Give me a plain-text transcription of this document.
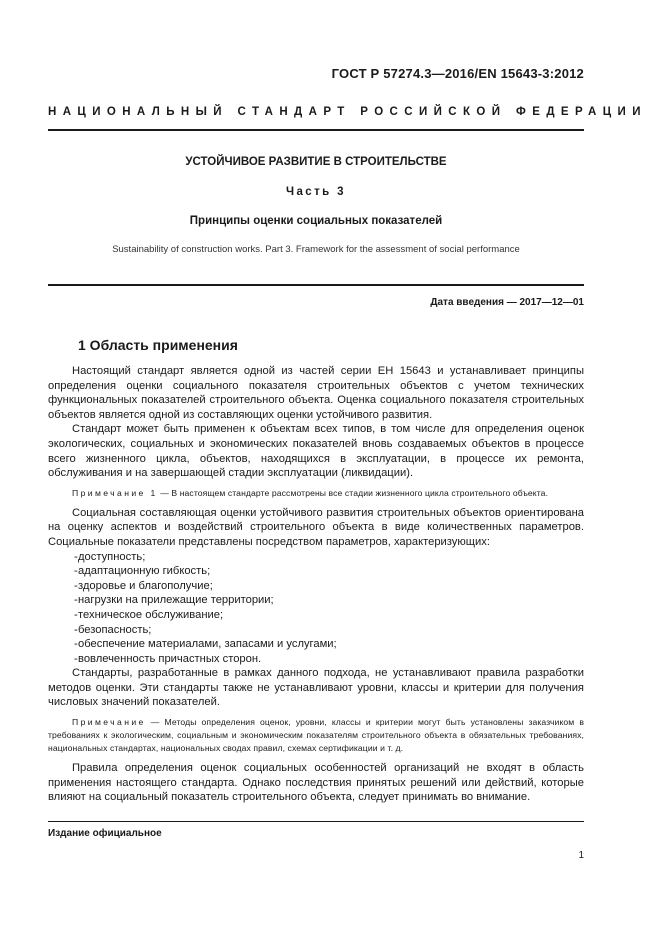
ГОСТ Р 57274.3—2016/EN 15643-3:2012
НАЦИОНАЛЬНЫЙ СТАНДАРТ РОССИЙСКОЙ ФЕДЕРАЦИИ
УСТОЙЧИВОЕ РАЗВИТИЕ В СТРОИТЕЛЬСТВЕ
Часть 3
Принципы оценки социальных показателей
Sustainability of construction works. Part 3. Framework for the assessment of social performance
Дата введения — 2017—12—01
1 Область применения

Настоящий стандарт является одной из частей серии ЕН 15643 и устанавливает принципы определения оценки социального показателя строительных объектов с учетом технических функциональных показателей строительного объекта. Оценка социального показателя строительных объектов является одной из составляющих оценки устойчивого развития.

Стандарт может быть применен к объектам всех типов, в том числе для определения оценок экологических, социальных и экономических показателей вновь создаваемых объектов в процессе всего жизненного цикла, объектов, находящихся в эксплуатации, в процессе их ремонта, обслуживания и на завершающей стадии эксплуатации (ликвидации).

Примечание 1 — В настоящем стандарте рассмотрены все стадии жизненного цикла строительного объекта.

Социальная составляющая оценки устойчивого развития строительных объектов ориентирована на оценку аспектов и воздействий строительного объекта в виде количественных параметров. Социальные показатели представлены посредством параметров, характеризующих:

- доступность;
- адаптационную гибкость;
- здоровье и благополучие;
- нагрузки на прилежащие территории;
- техническое обслуживание;
- безопасность;
- обеспечение материалами, запасами и услугами;
- вовлеченность причастных сторон.

Стандарты, разработанные в рамках данного подхода, не устанавливают правила разработки методов оценки. Эти стандарты также не устанавливают уровни, классы и критерии для получения числовых значений показателей.

Примечание — Методы определения оценок, уровни, классы и критерии могут быть установлены заказчиком в требованиях к экологическим, социальным и экономическим показателям строительного объекта в обязательных требованиях, национальных стандартах, национальных сводах правил, схемах сертификации и т. д.

Правила определения оценок социальных особенностей организаций не входят в область применения настоящего стандарта. Однако последствия принятых решений или действий, которые влияют на социальный показатель строительного объекта, следует принимать во внимание.

Издание официальное
1
